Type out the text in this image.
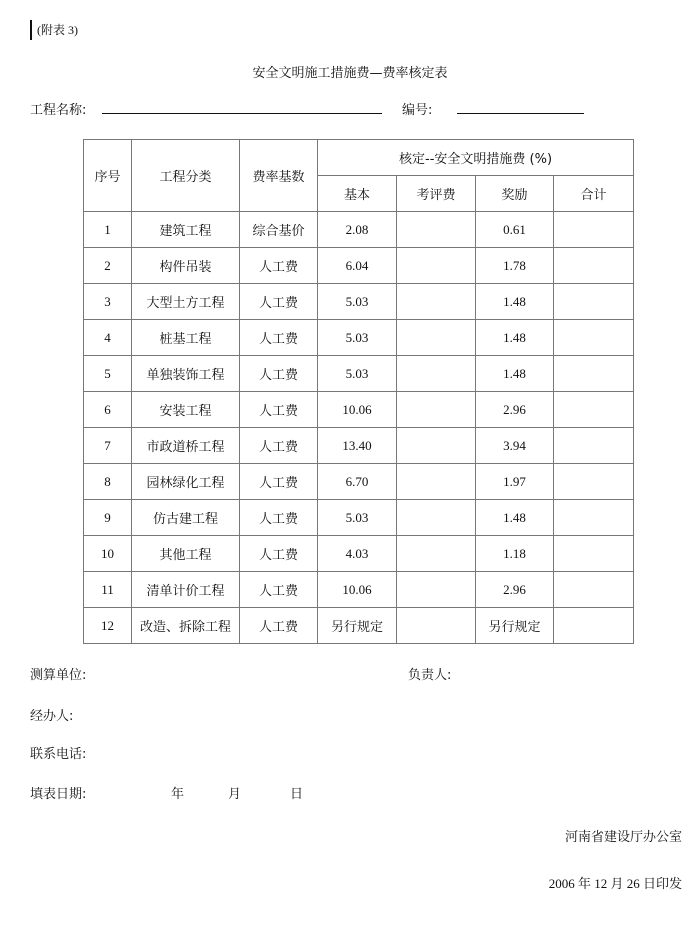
(附表 3)
安全文明施工措施费—费率核定表
工程名称:	编号:
序号	工程分类	费率基数	核定--安全文明措施费 (%)			
			基本	考评费	奖励	合计
1	建筑工程	综合基价	2.08		0.61	
2	构件吊装	人工费	6.04		1.78	
3	大型土方工程	人工费	5.03		1.48	
4	桩基工程	人工费	5.03		1.48	
5	单独装饰工程	人工费	5.03		1.48	
6	安装工程	人工费	10.06		2.96	
7	市政道桥工程	人工费	13.40		3.94	
8	园林绿化工程	人工费	6.70		1.97	
9	仿古建工程	人工费	5.03		1.48	
10	其他工程	人工费	4.03		1.18	
11	清单计价工程	人工费	10.06		2.96	
12	改造、拆除工程	人工费	另行规定		另行规定	
测算单位:	负责人:
经办人:
联系电话:
填表日期:	年	月	日
河南省建设厅办公室
2006 年 12 月 26 日印发
